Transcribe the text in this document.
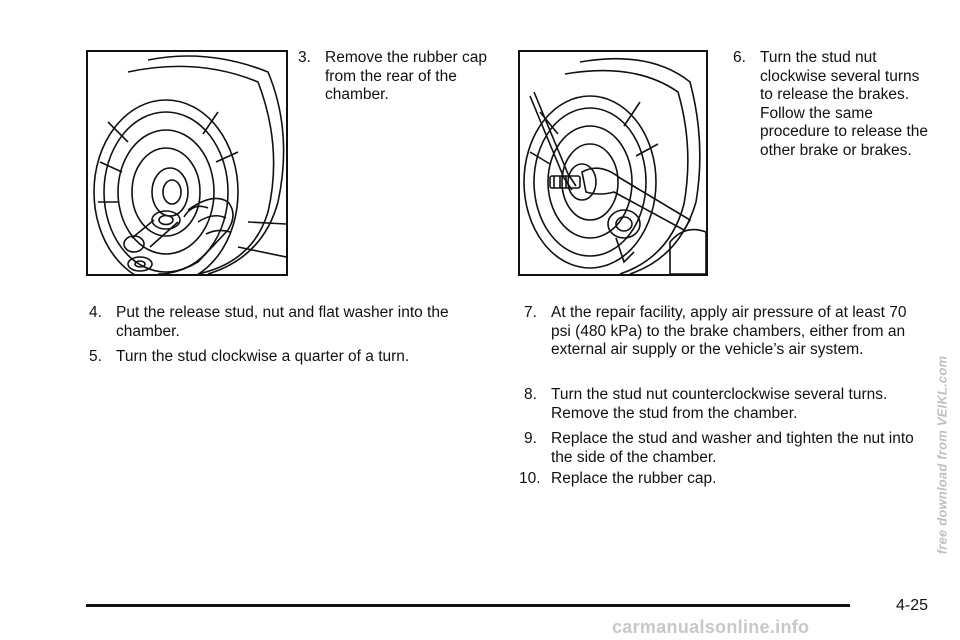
3. Remove the rubber cap from the rear of the chamber.

6. Turn the stud nut clockwise several turns to release the brakes. Follow the same procedure to release the other brake or brakes.

4. Put the release stud, nut and flat washer into the chamber.

5. Turn the stud clockwise a quarter of a turn.

7. At the repair facility, apply air pressure of at least 70 psi (480 kPa) to the brake chambers, either from an external air supply or the vehicle’s air system.

8. Turn the stud nut counterclockwise several turns. Remove the stud from the chamber.

9. Replace the stud and washer and tighten the nut into the side of the chamber.

10. Replace the rubber cap.

4-25
free download from VEIKL.com
carmanualsonline.info
